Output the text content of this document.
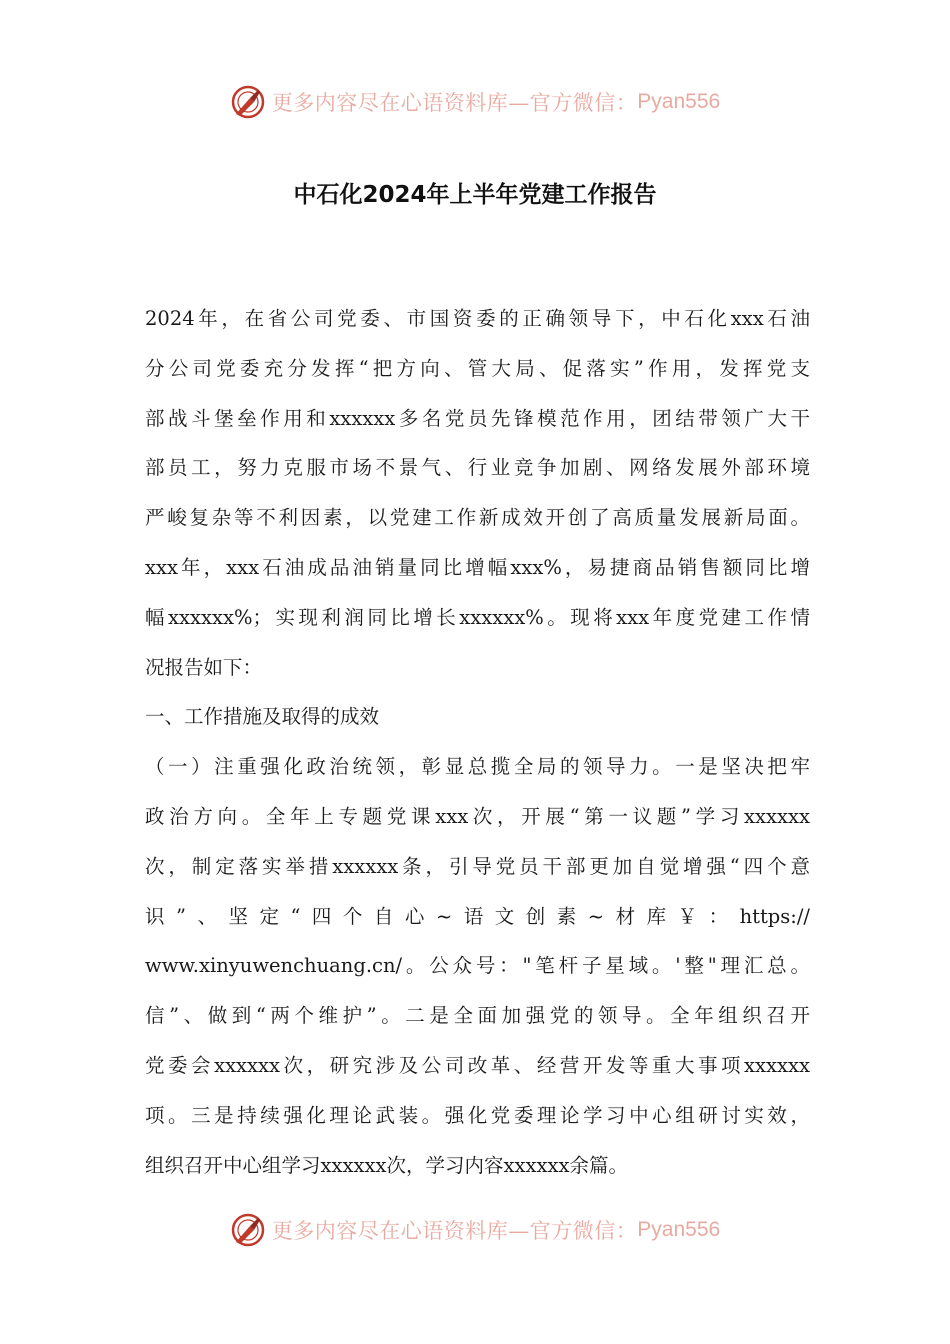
更多内容尽在心语资料库—官方微信： Pyan556
中石化2024年上半年党建工作报告
2024年，在省公司党委、市国资委的正确领导下，中石化xxx石油
分公司党委充分发挥“把方向、管大局、促落实”作用，发挥党支
部战斗堡垒作用和xxxxxx多名党员先锋模范作用，团结带领广大干
部员工，努力克服市场不景气、行业竞争加剧、网络发展外部环境
严峻复杂等不利因素，以党建工作新成效开创了高质量发展新局面。
xxx年，xxx石油成品油销量同比增幅xxx%，易捷商品销售额同比增
幅xxxxxx%；实现利润同比增长xxxxxx%。现将xxx年度党建工作情
况报告如下：
一、工作措施及取得的成效
（一）注重强化政治统领，彰显总揽全局的领导力。一是坚决把牢
政治方向。全年上专题党课xxx次，开展“第一议题”学习xxxxxx
次，制定落实举措xxxxxx条，引导党员干部更加自觉增强“四个意
识”、坚定“四个自心~语文创素~材库￥：https://
www.xinyuwenchuang.cn/。公众号："笔杆子星域。'整"理汇总。
信”、做到“两个维护”。二是全面加强党的领导。全年组织召开
党委会xxxxxx次，研究涉及公司改革、经营开发等重大事项xxxxxx
项。三是持续强化理论武装。强化党委理论学习中心组研讨实效，
组织召开中心组学习xxxxxx次，学习内容xxxxxx余篇。
更多内容尽在心语资料库—官方微信： Pyan556
